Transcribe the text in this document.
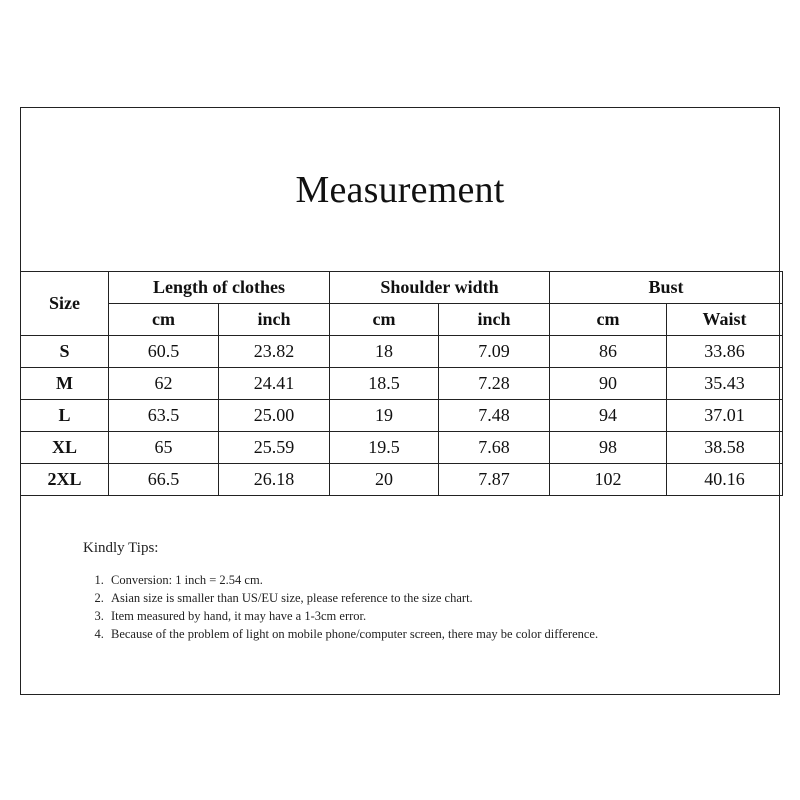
Measurement
Size	Length of clothes		Shoulder width		Bust	
	cm	inch	cm	inch	cm	Waist
S	60.5	23.82	18	7.09	86	33.86
M	62	24.41	18.5	7.28	90	35.43
L	63.5	25.00	19	7.48	94	37.01
XL	65	25.59	19.5	7.68	98	38.58
2XL	66.5	26.18	20	7.87	102	40.16
Kindly Tips:
1. Conversion: 1 inch = 2.54 cm.
2. Asian size is smaller than US/EU size, please reference to the size chart.
3. Item measured by hand, it may have a 1-3cm error.
4. Because of the problem of light on mobile phone/computer screen, there may be color difference.
